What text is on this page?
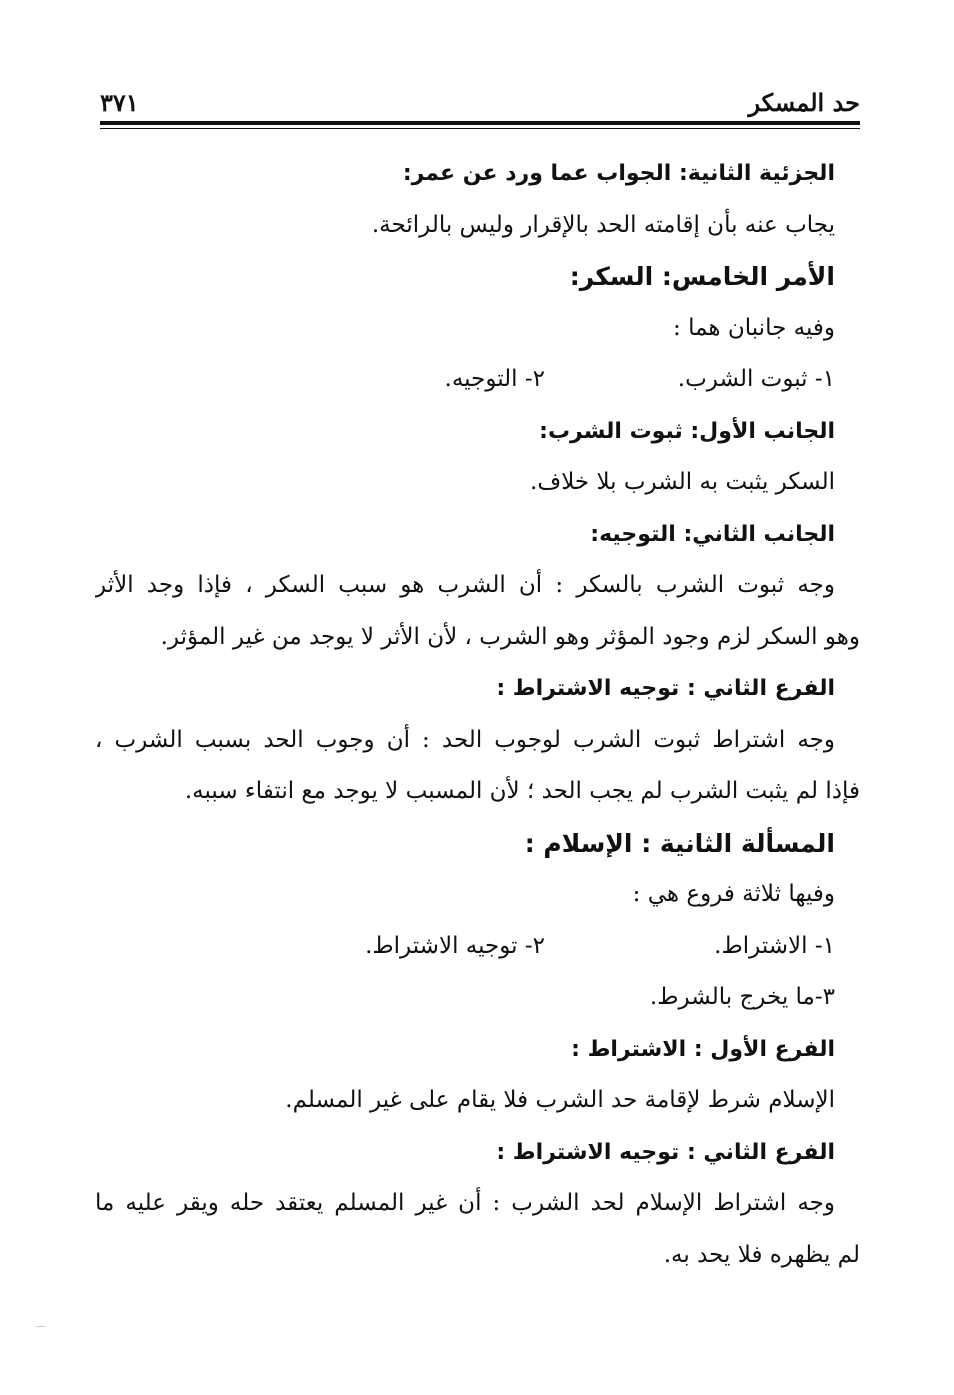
حد المسكر
٣٧١
الجزئية الثانية: الجواب عما ورد عن عمر:
يجاب عنه بأن إقامته الحد بالإقرار وليس بالرائحة.
الأمر الخامس: السكر:
وفيه جانبان هما :
١- ثبوت الشرب.
٢- التوجيه.
الجانب الأول: ثبوت الشرب:
السكر يثبت به الشرب بلا خلاف.
الجانب الثاني: التوجيه:
وجه ثبوت الشرب بالسكر : أن الشرب هو سبب السكر ، فإذا وجد الأثر
وهو السكر لزم وجود المؤثر وهو الشرب ، لأن الأثر لا يوجد من غير المؤثر.
الفرع الثاني : توجيه الاشتراط :
وجه اشتراط ثبوت الشرب لوجوب الحد : أن وجوب الحد بسبب الشرب ،
فإذا لم يثبت الشرب لم يجب الحد ؛ لأن المسبب لا يوجد مع انتفاء سببه.
المسألة الثانية : الإسلام :
وفيها ثلاثة فروع هي :
١- الاشتراط.
٢- توجيه الاشتراط.
٣-ما يخرج بالشرط.
الفرع الأول : الاشتراط :
الإسلام شرط لإقامة حد الشرب فلا يقام على غير المسلم.
الفرع الثاني : توجيه الاشتراط :
وجه اشتراط الإسلام لحد الشرب : أن غير المسلم يعتقد حله ويقر عليه ما
لم يظهره فلا يحد به.
